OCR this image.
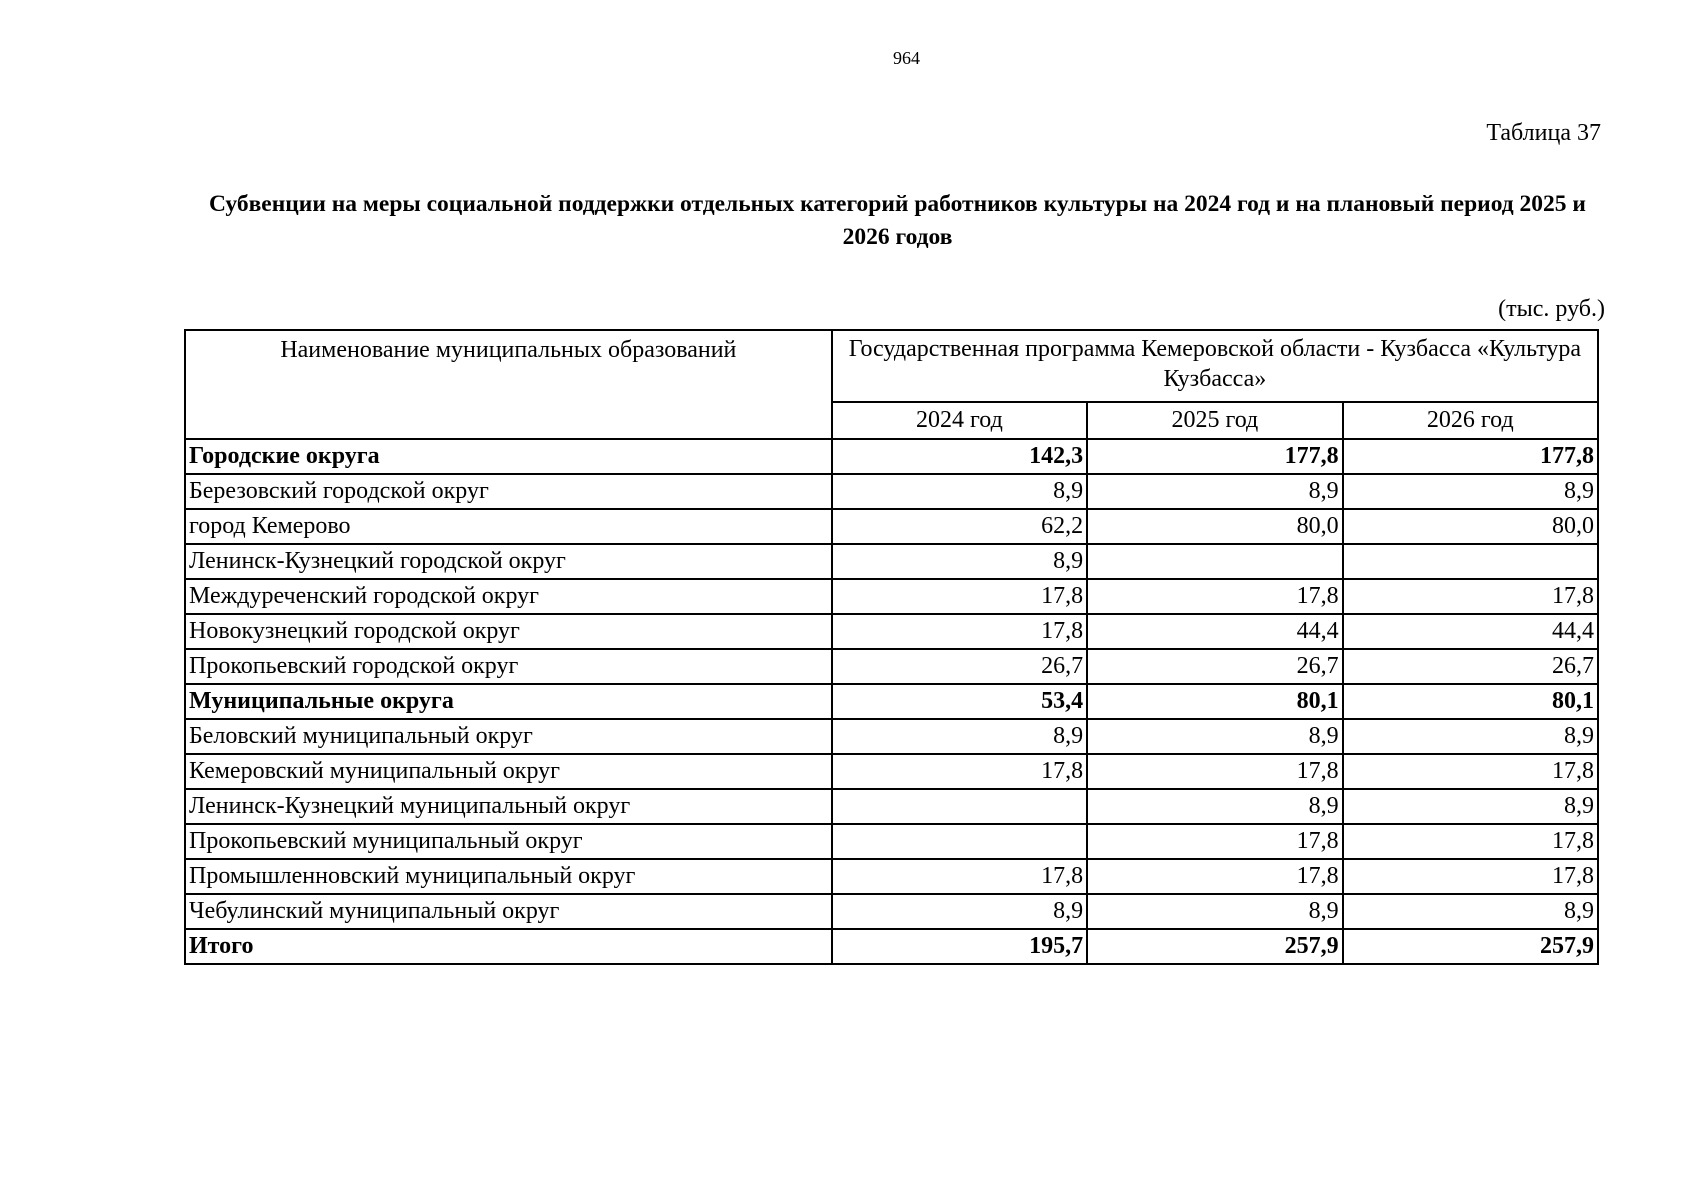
964
Таблица 37
Субвенции на меры социальной поддержки отдельных категорий работников культуры на 2024 год и на плановый период 2025 и 2026 годов
(тыс. руб.)
Наименование муниципальных образований	Государственная программа Кемеровской области - Кузбасса «Культура Кузбасса»		
	2024 год	2025 год	2026 год
Городские округа	142,3	177,8	177,8
Березовский городской округ	8,9	8,9	8,9
город Кемерово	62,2	80,0	80,0
Ленинск-Кузнецкий городской округ	8,9		
Междуреченский городской округ	17,8	17,8	17,8
Новокузнецкий городской округ	17,8	44,4	44,4
Прокопьевский городской округ	26,7	26,7	26,7
Муниципальные округа	53,4	80,1	80,1
Беловский муниципальный округ	8,9	8,9	8,9
Кемеровский муниципальный округ	17,8	17,8	17,8
Ленинск-Кузнецкий муниципальный округ		8,9	8,9
Прокопьевский муниципальный округ		17,8	17,8
Промышленновский муниципальный округ	17,8	17,8	17,8
Чебулинский муниципальный округ	8,9	8,9	8,9
Итого	195,7	257,9	257,9
